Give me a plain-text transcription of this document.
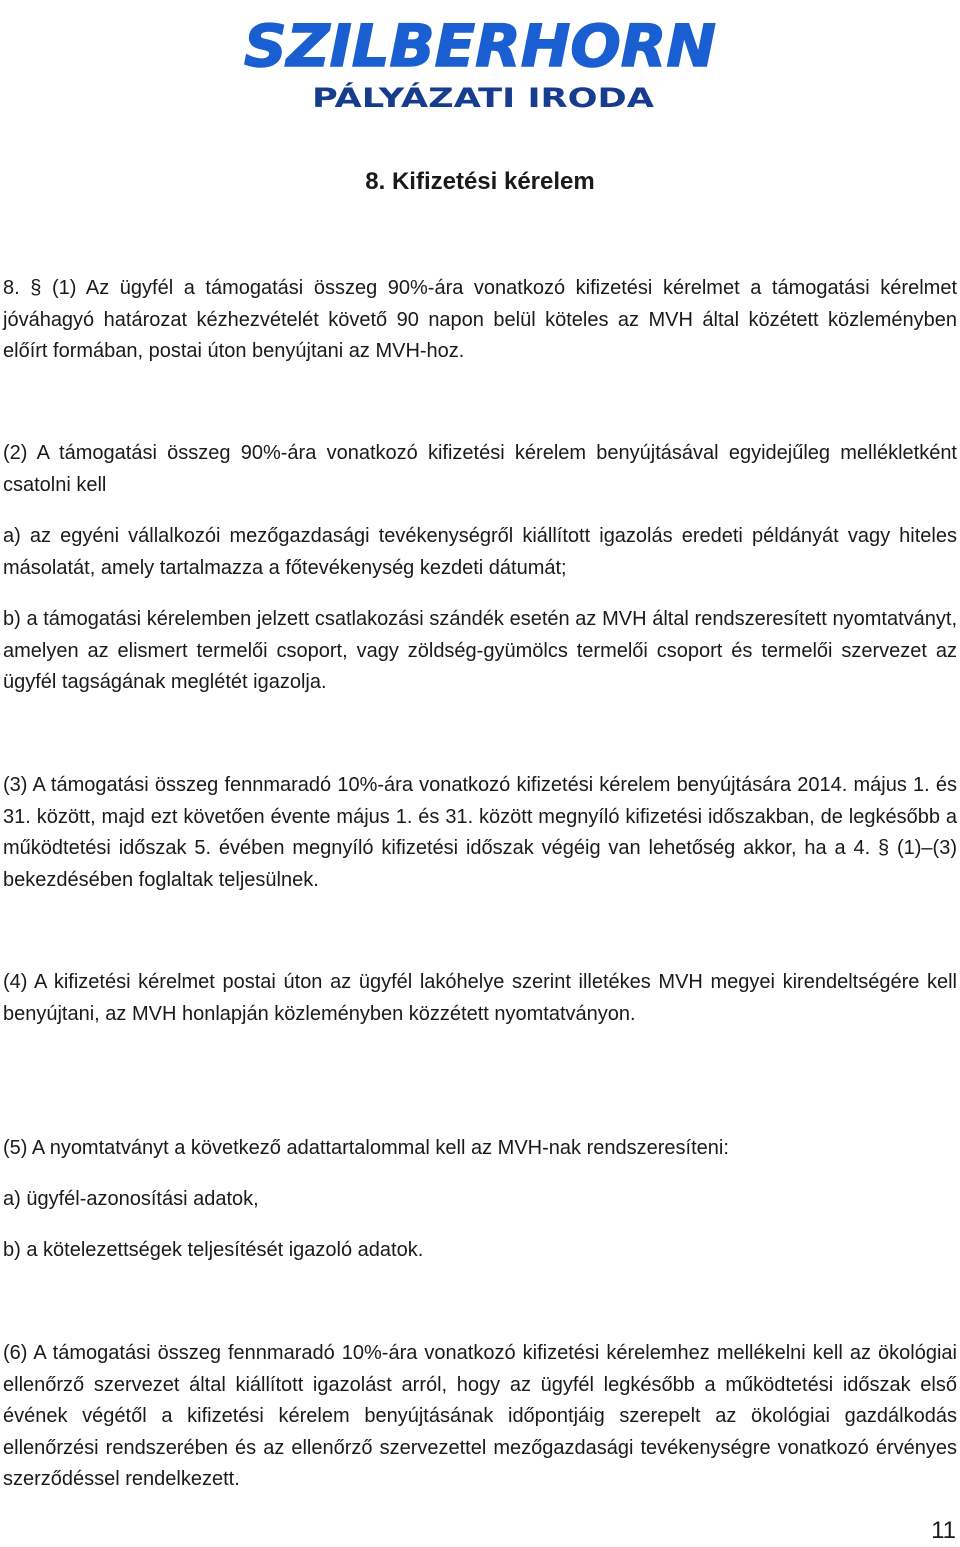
SZILBERHORN
PÁLYÁZATI IRODA
8. Kifizetési kérelem

8. § (1) Az ügyfél a támogatási összeg 90%-ára vonatkozó kifizetési kérelmet a támogatási kérelmet jóváhagyó határozat kézhezvételét követő 90 napon belül köteles az MVH által közétett közleményben előírt formában, postai úton benyújtani az MVH-hoz.

(2) A támogatási összeg 90%-ára vonatkozó kifizetési kérelem benyújtásával egyidejűleg mellékletként csatolni kell

a) az egyéni vállalkozói mezőgazdasági tevékenységről kiállított igazolás eredeti példányát vagy hiteles másolatát, amely tartalmazza a főtevékenység kezdeti dátumát;

b) a támogatási kérelemben jelzett csatlakozási szándék esetén az MVH által rendszeresített nyomtatványt, amelyen az elismert termelői csoport, vagy zöldség-gyümölcs termelői csoport és termelői szervezet az ügyfél tagságának meglétét igazolja.

(3) A támogatási összeg fennmaradó 10%-ára vonatkozó kifizetési kérelem benyújtására 2014. május 1. és 31. között, majd ezt követően évente május 1. és 31. között megnyíló kifizetési időszakban, de legkésőbb a működtetési időszak 5. évében megnyíló kifizetési időszak végéig van lehetőség akkor, ha a 4. § (1)–(3) bekezdésében foglaltak teljesülnek.

(4) A kifizetési kérelmet postai úton az ügyfél lakóhelye szerint illetékes MVH megyei kirendeltségére kell benyújtani, az MVH honlapján közleményben közzétett nyomtatványon.

(5) A nyomtatványt a következő adattartalommal kell az MVH-nak rendszeresíteni:

a) ügyfél-azonosítási adatok,

b) a kötelezettségek teljesítését igazoló adatok.

(6) A támogatási összeg fennmaradó 10%-ára vonatkozó kifizetési kérelemhez mellékelni kell az ökológiai ellenőrző szervezet által kiállított igazolást arról, hogy az ügyfél legkésőbb a működtetési időszak első évének végétől a kifizetési kérelem benyújtásának időpontjáig szerepelt az ökológiai gazdálkodás ellenőrzési rendszerében és az ellenőrző szervezettel mezőgazdasági tevékenységre vonatkozó érvényes szerződéssel rendelkezett.

11
